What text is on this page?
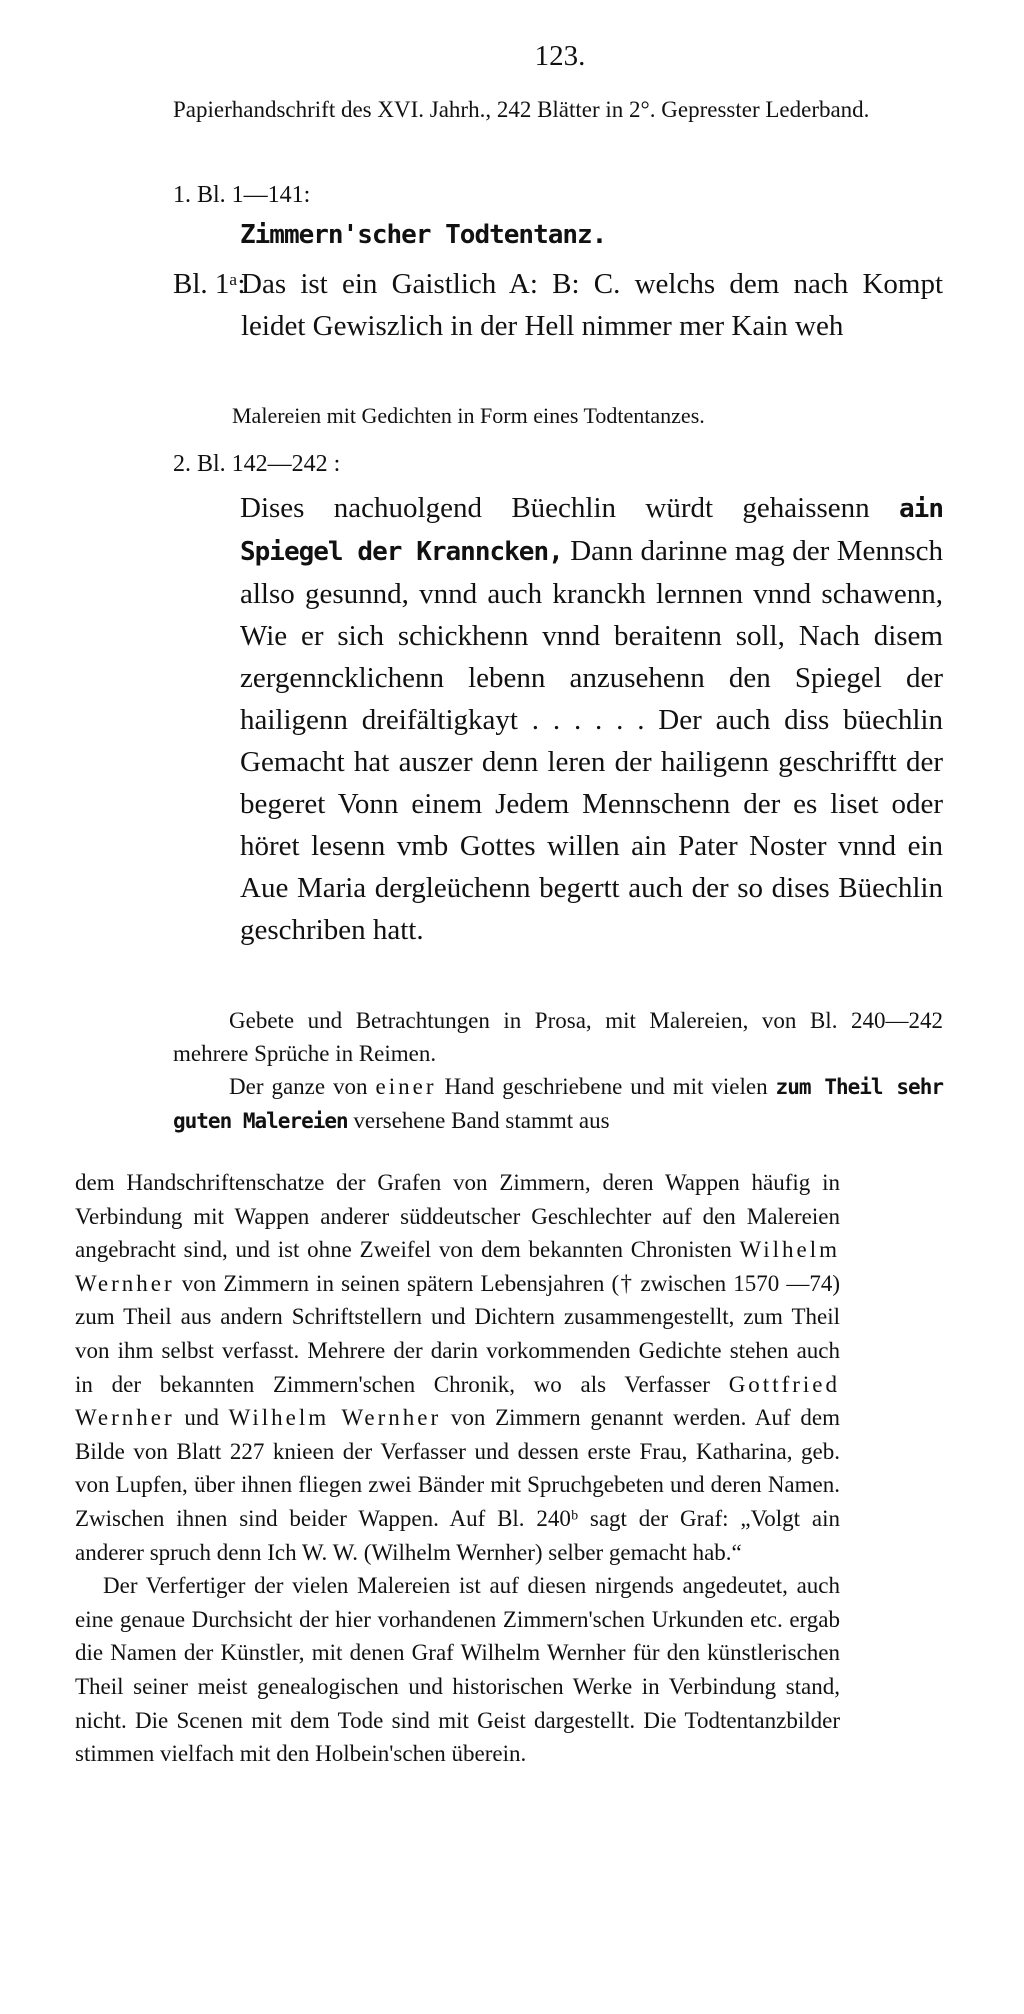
123.
Papierhandschrift des XVI. Jahrh., 242 Blätter in 2°. Gepresster Lederband.
1. Bl. 1—141:
Zimmern'scher Todtentanz.
Bl. 1ᵃ:
Das ist ein Gaistlich A: B: C. welchs dem nach Kompt leidet Gewiszlich in der Hell nimmer mer Kain weh
Malereien mit Gedichten in Form eines Todtentanzes.
2. Bl. 142—242 :
Dises nachuolgend Büechlin würdt gehaissenn ain Spiegel der Kranncken, Dann darinne mag der Mennsch allso gesunnd, vnnd auch kranckh lernnen vnnd schawenn, Wie er sich schickhenn vnnd beraitenn soll, Nach disem zergenncklichenn lebenn anzusehenn den Spiegel der hailigenn dreifältigkayt . . . . . . Der auch diss büechlin Gemacht hat auszer denn leren der hailigenn geschrifftt der begeret Vonn einem Jedem Mennschenn der es liset oder höret lesenn vmb Gottes willen ain Pater Noster vnnd ein Aue Maria dergleüchenn begertt auch der so dises Büechlin geschriben hatt.

Gebete und Betrachtungen in Prosa, mit Malereien, von Bl. 240—242 mehrere Sprüche in Reimen.

Der ganze von einer Hand geschriebene und mit vielen zum Theil sehr guten Malereien versehene Band stammt aus

dem Handschriftenschatze der Grafen von Zimmern, deren Wappen häufig in Verbindung mit Wappen anderer süddeutscher Geschlechter auf den Malereien angebracht sind, und ist ohne Zweifel von dem bekannten Chronisten Wilhelm Wernher von Zimmern in seinen spätern Lebensjahren († zwischen 1570 —74) zum Theil aus andern Schriftstellern und Dichtern zusammengestellt, zum Theil von ihm selbst verfasst. Mehrere der darin vorkommenden Gedichte stehen auch in der bekannten Zimmern'schen Chronik, wo als Verfasser Gottfried Wernher und Wilhelm Wernher von Zimmern genannt werden. Auf dem Bilde von Blatt 227 knieen der Verfasser und dessen erste Frau, Katharina, geb. von Lupfen, über ihnen fliegen zwei Bänder mit Spruchgebeten und deren Namen. Zwischen ihnen sind beider Wappen. Auf Bl. 240ᵇ sagt der Graf: „Volgt ain anderer spruch denn Ich W. W. (Wilhelm Wernher) selber gemacht hab.“

Der Verfertiger der vielen Malereien ist auf diesen nirgends angedeutet, auch eine genaue Durchsicht der hier vorhandenen Zimmern'schen Urkunden etc. ergab die Namen der Künstler, mit denen Graf Wilhelm Wernher für den künstlerischen Theil seiner meist genealogischen und historischen Werke in Verbindung stand, nicht. Die Scenen mit dem Tode sind mit Geist dargestellt. Die Todtentanzbilder stimmen vielfach mit den Holbein'schen überein.
